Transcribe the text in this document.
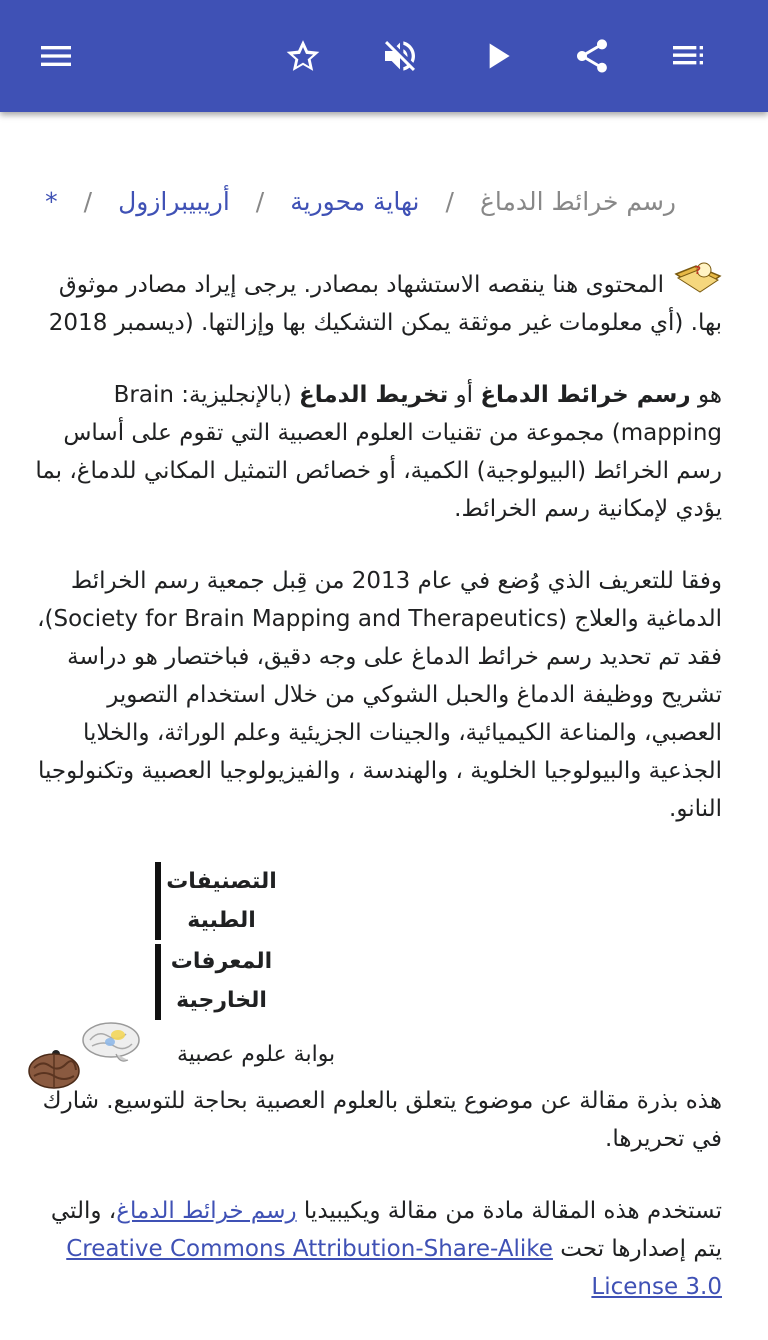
رسم خرائط الدماغ/نهاية محورية/أريبيبرازول/*

?
المحتوى هنا ينقصه الاستشهاد بمصادر. يرجى إيراد مصادر موثوق بها. (أي معلومات غير موثقة يمكن التشكيك بها وإزالتها. (ديسمبر 2018

هو رسم خرائط الدماغ أو تخريط الدماغ (بالإنجليزية: Brain mapping) مجموعة من تقنيات العلوم العصبية التي تقوم على أساس رسم الخرائط (البيولوجية) الكمية، أو خصائص التمثيل المكاني للدماغ، بما يؤدي لإمكانية رسم الخرائط.

وفقا للتعريف الذي وُضع في عام 2013 من قِبل جمعية رسم الخرائط الدماغية والعلاج (Society for Brain Mapping and Therapeutics)، فقد تم تحديد رسم خرائط الدماغ على وجه دقيق، فباختصار هو دراسة تشريح ووظيفة الدماغ والحبل الشوكي من خلال استخدام التصوير العصبي، والمناعة الكيميائية، والجينات الجزيئية وعلم الوراثة، والخلايا الجذعية والبيولوجيا الخلوية ، والهندسة ، والفيزيولوجيا العصبية وتكنولوجيا النانو.

التصنيفات الطبية		
المعرفات الخارجية		
بوابة علوم عصبية

هذه بذرة مقالة عن موضوع يتعلق بالعلوم العصبية بحاجة للتوسيع. شارك في تحريرها.

تستخدم هذه المقالة مادة من مقالة ويكيبيديا رسم خرائط الدماغ، والتي يتم إصدارها تحت Creative Commons Attribution-Share-Alike License 3.0
